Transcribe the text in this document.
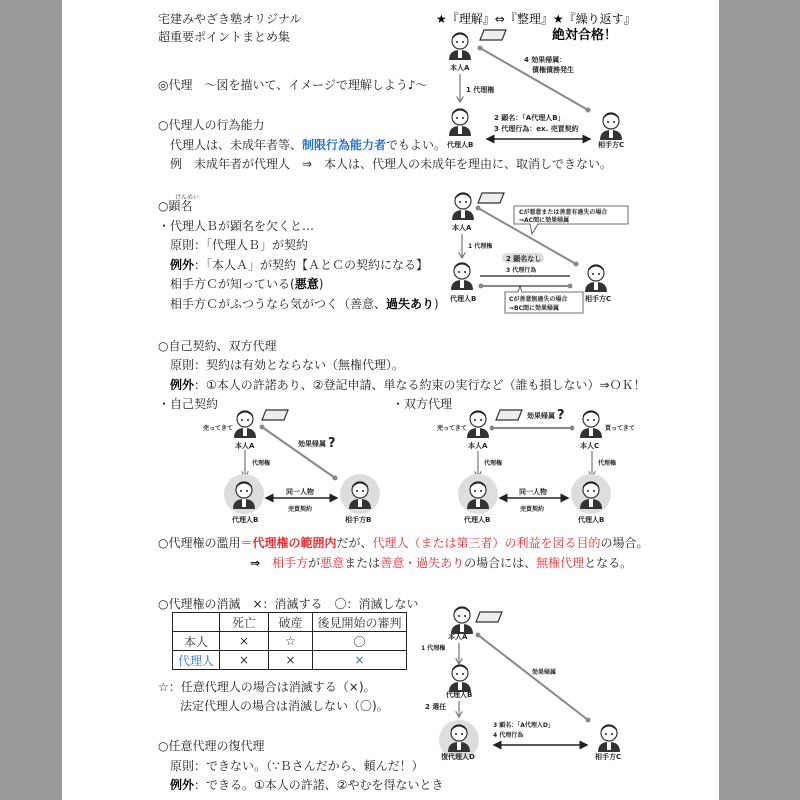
宅建みやざき塾オリジナル
超重要ポイントまとめ集
★『理解』⇔『整理』★『繰り返す』
絶対合格！
◎代理　～図を描いて、イメージで理解しよう♪～
○代理人の行為能力
代理人は、未成年者等、制限行為能力者でもよい。
例　未成年者が代理人　⇒　本人は、代理人の未成年を理由に、取消しできない。
けんめい
○顕名
・代理人Ｂが顕名を欠くと…
原則：「代理人Ｂ」が契約
例外：「本人Ａ」が契約【ＡとＣの契約になる】
相手方Ｃが知っている(悪意)
相手方Ｃがふつうなら気がつく（善意、過失あり)
○自己契約、双方代理
原則：契約は有効とならない（無権代理）。
例外：①本人の許諾あり、②登記申請、単なる約束の実行など（誰も損しない）⇒ＯＫ！
・自己契約	・双方代理
○代理権の濫用＝代理権の範囲内だが、代理人（または第三者）の利益を図る目的の場合。
⇒　相手方が悪意または善意・過失ありの場合には、無権代理となる。
○代理権の消滅　×：消滅する　〇：消滅しない
	死亡	破産	後見開始の審判
本人	×	☆	〇
代理人	×	×	×
☆：任意代理人の場合は消滅する（×)。
法定代理人の場合は消滅しない（〇)。
○任意代理の復代理
原則：できない。（∵Ｂさんだから、頼んだ！）
例外：できる。①本人の許諾、②やむを得ないとき
本人A
4 効果帰属：
債権債務発生
1 代理権
代理人B	相手方C
2 顕名：「A代理人B」
3 代理行為：ex. 売買契約
本人A
Cが悪意または善意有過失の場合
⇒AC間に効果帰属
1 代理権
代理人B	相手方C
2 顕名なし
3 代理行為
Cが善意無過失の場合
⇒BC間に効果帰属
売ってきて
本人A	効果帰属 ?
代理権
代理人B	相手方B
同一人物
売買契約
売ってきて
本人A
効果帰属 ?
買ってきて
本人C
代理権	代理権
代理人B	代理人B
同一人物
売買契約
本人A
効果帰属
1 代理権
代理人B
2 選任
復代理人D	相手方C
3 顕名：「A代理人D」
4 代理行為
